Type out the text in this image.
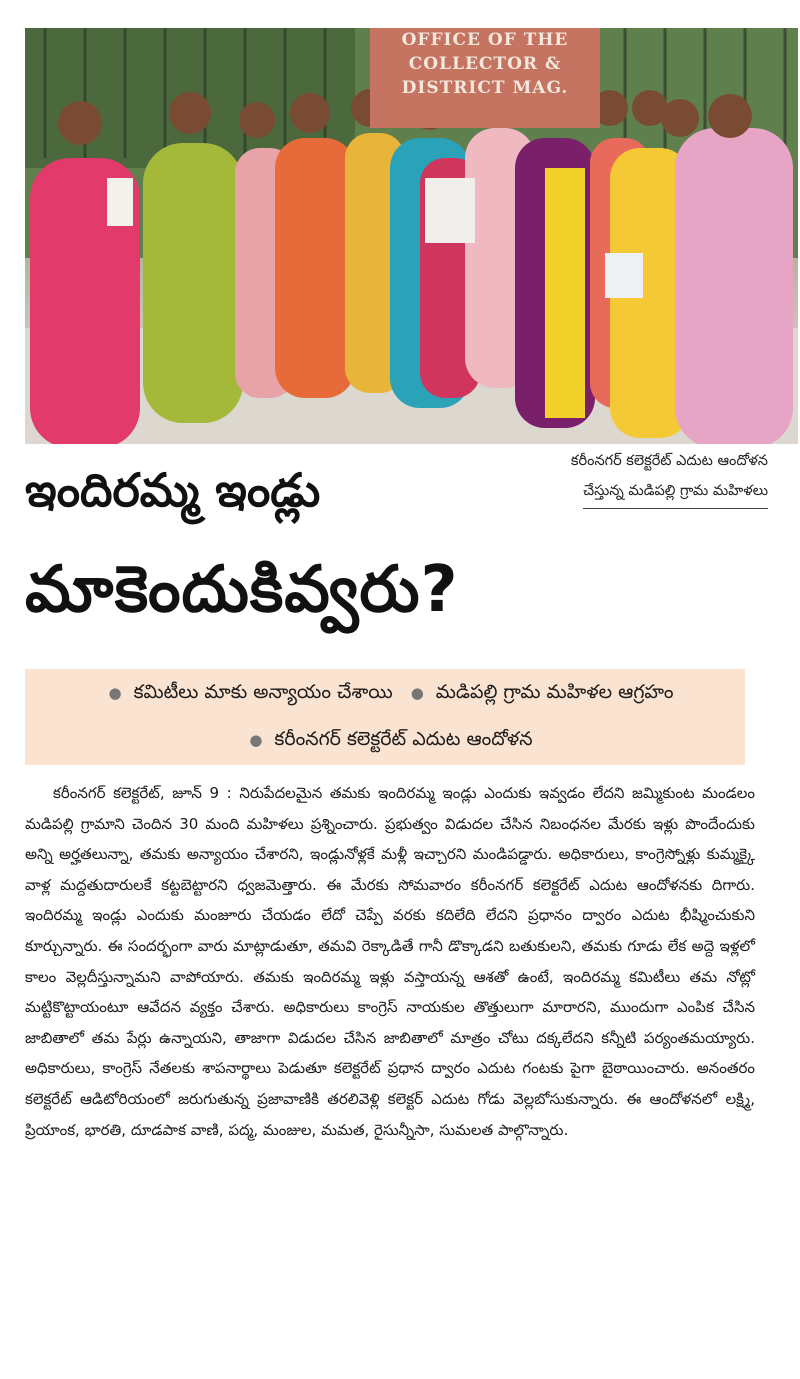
OFFICE OF THE
COLLECTOR &
DISTRICT MAG.
కరీంనగర్ కలెక్టరేట్ ఎదుట ఆందోళన
చేస్తున్న మడిపల్లి గ్రామ మహిళలు
ఇందిరమ్మ ఇండ్లు
మాకెందుకివ్వరు?
● కమిటీలు మాకు అన్యాయం చేశాయి ● మడిపల్లి గ్రామ మహిళల ఆగ్రహం
● కరీంనగర్ కలెక్టరేట్ ఎదుట ఆందోళన

కరీంనగర్ కలెక్టరేట్, జూన్ 9 : నిరుపేదలమైన తమకు ఇందిరమ్మ ఇండ్లు ఎందుకు ఇవ్వడం లేదని జమ్మికుంట మండలం మడిపల్లి గ్రామాని చెందిన 30 మంది మహిళలు ప్రశ్నించారు. ప్రభుత్వం విడుదల చేసిన నిబంధనల మేరకు ఇళ్లు పొందేందుకు అన్ని అర్హతలున్నా, తమకు అన్యాయం చేశారని, ఇండ్లునోళ్లకే మళ్లీ ఇచ్చారని మండిపడ్డారు. అధికారులు, కాంగ్రెస్నోళ్లు కుమ్మక్కై వాళ్ల మద్దతుదారులకే కట్టబెట్టారని ధ్వజమెత్తారు. ఈ మేరకు సోమవారం కరీంనగర్ కలెక్టరేట్ ఎదుట ఆందోళనకు దిగారు. ఇందిరమ్మ ఇండ్లు ఎందుకు మంజూరు చేయడం లేదో చెప్పే వరకు కదిలేది లేదని ప్రధానం ద్వారం ఎదుట భీష్మించుకుని కూర్చున్నారు. ఈ సందర్భంగా వారు మాట్లాడుతూ, తమవి రెక్కాడితే గానీ డొక్కాడని బతుకులని, తమకు గూడు లేక అద్దె ఇళ్లలో కాలం వెల్లదీస్తున్నామని వాపోయారు. తమకు ఇందిరమ్మ ఇళ్లు వస్తాయన్న ఆశతో ఉంటే, ఇందిరమ్మ కమిటీలు తమ నోట్లో మట్టికొట్టాయంటూ ఆవేదన వ్యక్తం చేశారు. అధికారులు కాంగ్రెస్ నాయకుల తొత్తులుగా మారారని, ముందుగా ఎంపిక చేసిన జాబితాలో తమ పేర్లు ఉన్నాయని, తాజాగా విడుదల చేసిన జాబితాలో మాత్రం చోటు దక్కలేదని కన్నీటి పర్యంతమయ్యారు. అధికారులు, కాంగ్రెస్ నేతలకు శాపనార్థాలు పెడుతూ కలెక్టరేట్ ప్రధాన ద్వారం ఎదుట గంటకు పైగా బైఠాయించారు. అనంతరం కలెక్టరేట్ ఆడిటోరియంలో జరుగుతున్న ప్రజావాణికి తరలివెళ్లి కలెక్టర్ ఎదుట గోడు వెల్లబోసుకున్నారు. ఈ ఆందోళనలో లక్ష్మి, ప్రియాంక, భారతి, దూడపాక వాణి, పద్మ, మంజుల, మమత, రైసున్నీసా, సుమలత పాల్గొన్నారు.
